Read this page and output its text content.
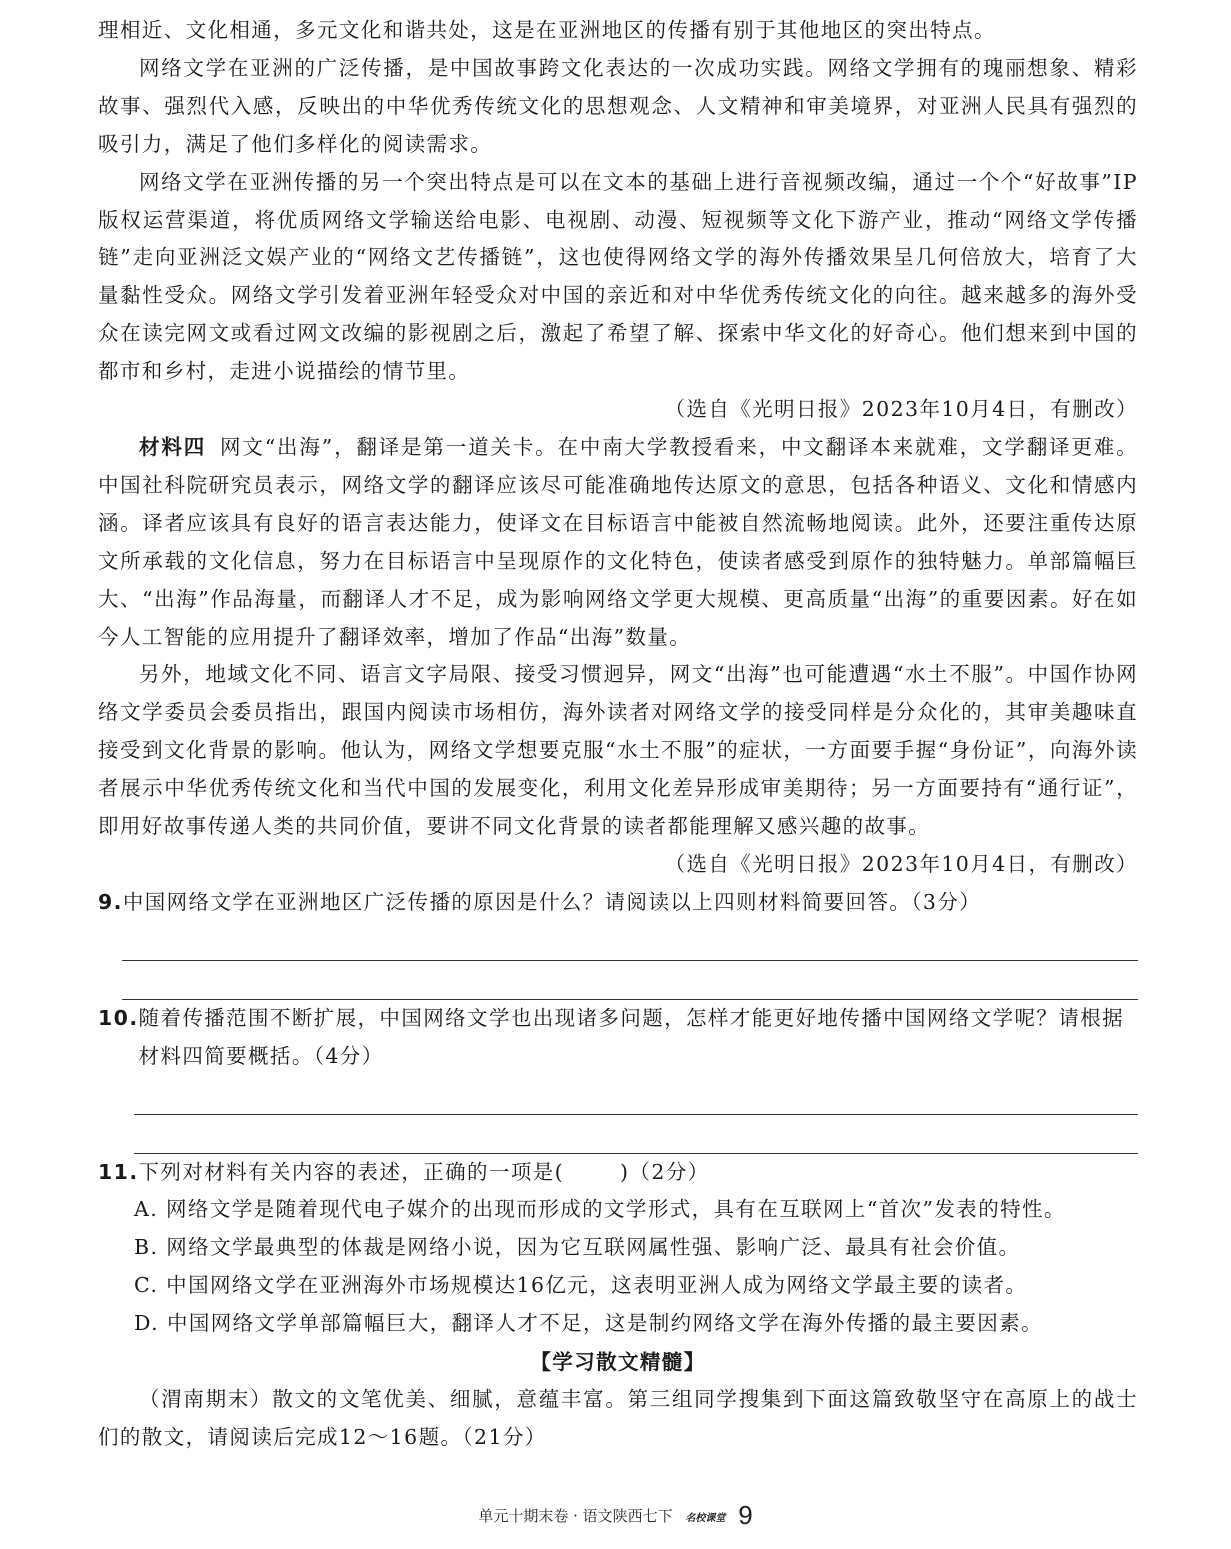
理相近、文化相通，多元文化和谐共处，这是在亚洲地区的传播有别于其他地区的突出特点。

网络文学在亚洲的广泛传播，是中国故事跨文化表达的一次成功实践。网络文学拥有的瑰丽想象、精彩故事、强烈代入感，反映出的中华优秀传统文化的思想观念、人文精神和审美境界，对亚洲人民具有强烈的吸引力，满足了他们多样化的阅读需求。

网络文学在亚洲传播的另一个突出特点是可以在文本的基础上进行音视频改编，通过一个个“好故事”IP版权运营渠道，将优质网络文学输送给电影、电视剧、动漫、短视频等文化下游产业，推动“网络文学传播链”走向亚洲泛文娱产业的“网络文艺传播链”，这也使得网络文学的海外传播效果呈几何倍放大，培育了大量黏性受众。网络文学引发着亚洲年轻受众对中国的亲近和对中华优秀传统文化的向往。越来越多的海外受众在读完网文或看过网文改编的影视剧之后，激起了希望了解、探索中华文化的好奇心。他们想来到中国的都市和乡村，走进小说描绘的情节里。

（选自《光明日报》2023年10月4日，有删改）

材料四 网文“出海”，翻译是第一道关卡。在中南大学教授看来，中文翻译本来就难，文学翻译更难。中国社科院研究员表示，网络文学的翻译应该尽可能准确地传达原文的意思，包括各种语义、文化和情感内涵。译者应该具有良好的语言表达能力，使译文在目标语言中能被自然流畅地阅读。此外，还要注重传达原文所承载的文化信息，努力在目标语言中呈现原作的文化特色，使读者感受到原作的独特魅力。单部篇幅巨大、“出海”作品海量，而翻译人才不足，成为影响网络文学更大规模、更高质量“出海”的重要因素。好在如今人工智能的应用提升了翻译效率，增加了作品“出海”数量。

另外，地域文化不同、语言文字局限、接受习惯迥异，网文“出海”也可能遭遇“水土不服”。中国作协网络文学委员会委员指出，跟国内阅读市场相仿，海外读者对网络文学的接受同样是分众化的，其审美趣味直接受到文化背景的影响。他认为，网络文学想要克服“水土不服”的症状，一方面要手握“身份证”，向海外读者展示中华优秀传统文化和当代中国的发展变化，利用文化差异形成审美期待；另一方面要持有“通行证”，即用好故事传递人类的共同价值，要讲不同文化背景的读者都能理解又感兴趣的故事。

（选自《光明日报》2023年10月4日，有删改）

9. 中国网络文学在亚洲地区广泛传播的原因是什么？请阅读以上四则材料简要回答。（3分）
10. 随着传播范围不断扩展，中国网络文学也出现诸多问题，怎样才能更好地传播中国网络文学呢？请根据材料四简要概括。（4分）
11. 下列对材料有关内容的表述，正确的一项是(	)（2分）

A. 网络文学是随着现代电子媒介的出现而形成的文学形式，具有在互联网上“首次”发表的特性。

B. 网络文学最典型的体裁是网络小说，因为它互联网属性强、影响广泛、最具有社会价值。

C. 中国网络文学在亚洲海外市场规模达16亿元，这表明亚洲人成为网络文学最主要的读者。

D. 中国网络文学单部篇幅巨大，翻译人才不足，这是制约网络文学在海外传播的最主要因素。

【学习散文精髓】

（渭南期末）散文的文笔优美、细腻，意蕴丰富。第三组同学搜集到下面这篇致敬坚守在高原上的战士们的散文，请阅读后完成12～16题。（21分）

单元十期末卷 · 语文陕西七下 名校课堂 9
